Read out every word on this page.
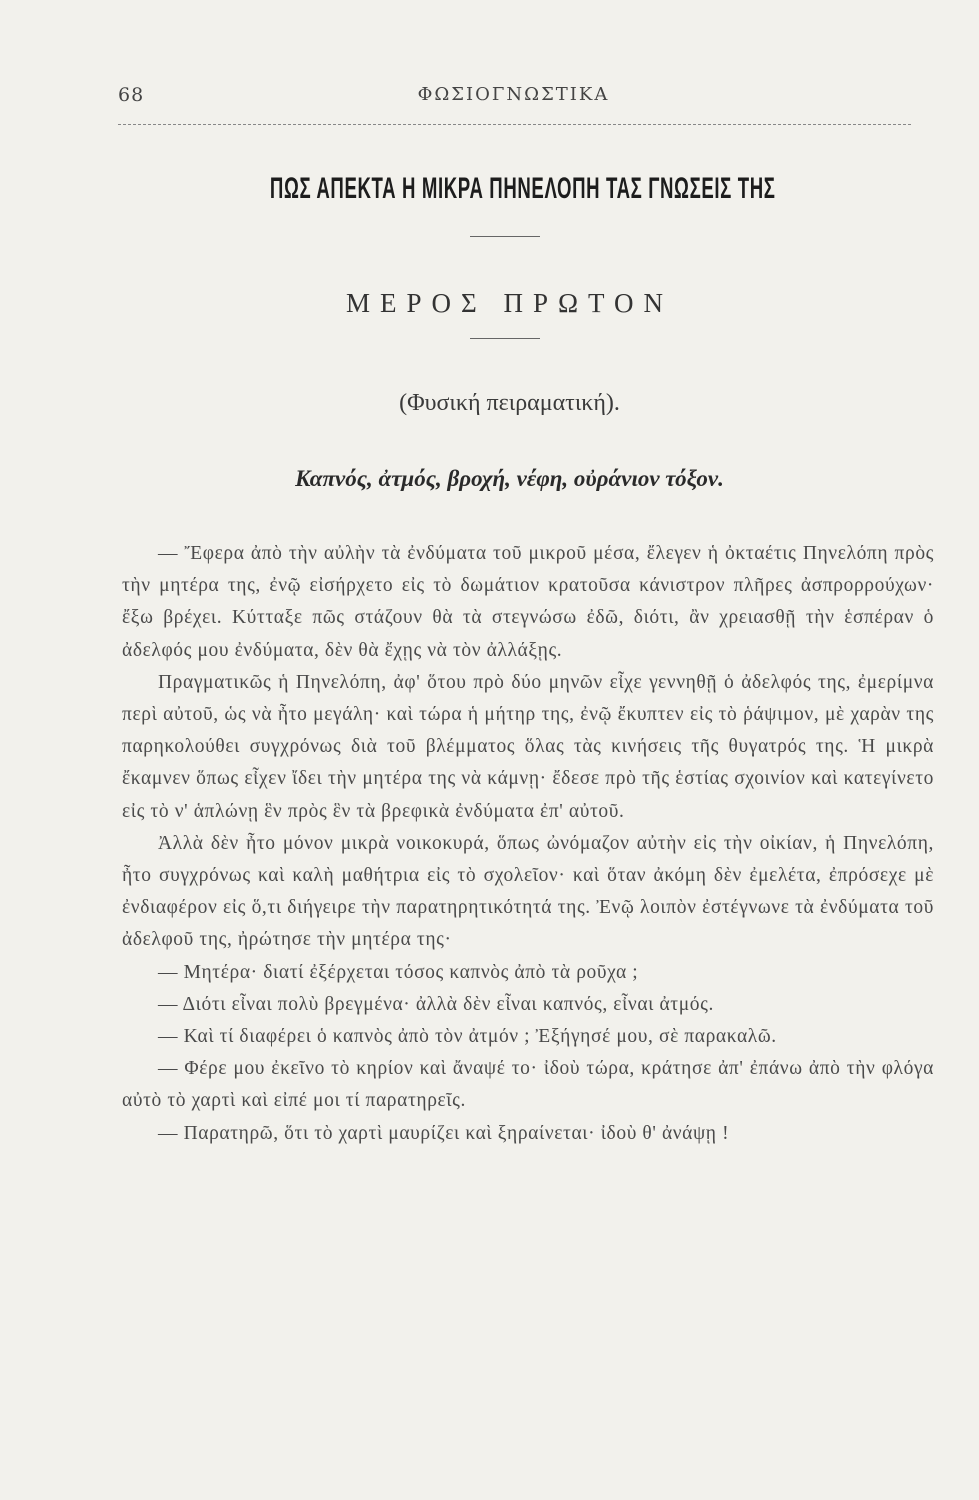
68	ΦΩΣΙΟΓΝΩΣΤΙΚΑ
ΠΩΣ ΑΠΕΚΤΑ Η ΜΙΚΡΑ ΠΗΝΕΛΟΠΗ ΤΑΣ ΓΝΩΣΕΙΣ ΤΗΣ
ΜΕΡΟΣ ΠΡΩΤΟΝ
(Φυσική πειραματική).
Καπνός, ἀτμός, βροχή, νέφη, οὐράνιον τόξον.

— Ἔφερα ἀπὸ τὴν αὐλὴν τὰ ἐνδύματα τοῦ μικροῦ μέσα, ἔλεγεν ἡ ὀκταέτις Πηνελόπη πρὸς τὴν μητέρα της, ἐνῷ εἰσήρχετο εἰς τὸ δωμάτιον κρατοῦσα κάνιστρον πλῆρες ἀσπρορρούχων· ἔξω βρέχει. Κύτταξε πῶς στάζουν θὰ τὰ στεγνώσω ἐδῶ, διότι, ἂν χρειασθῇ τὴν ἑσπέραν ὁ ἀδελφός μου ἐνδύματα, δὲν θὰ ἔχῃς νὰ τὸν ἀλλάξῃς.

Πραγματικῶς ἡ Πηνελόπη, ἀφ' ὅτου πρὸ δύο μηνῶν εἶχε γεννηθῇ ὁ ἀδελφός της, ἐμερίμνα περὶ αὐτοῦ, ὡς νὰ ἦτο μεγάλη· καὶ τώρα ἡ μήτηρ της, ἐνῷ ἔκυπτεν εἰς τὸ ῥάψιμον, μὲ χαρὰν της παρηκολούθει συγχρόνως διὰ τοῦ βλέμματος ὅλας τὰς κινήσεις τῆς θυγατρός της. Ἡ μικρὰ ἔκαμνεν ὅπως εἶχεν ἴδει τὴν μητέρα της νὰ κάμνῃ· ἔδεσε πρὸ τῆς ἑστίας σχοινίον καὶ κατεγίνετο εἰς τὸ ν' ἁπλώνῃ ἓν πρὸς ἓν τὰ βρεφικὰ ἐνδύματα ἐπ' αὐτοῦ.

Ἀλλὰ δὲν ἦτο μόνον μικρὰ νοικοκυρά, ὅπως ὠνόμαζον αὐτὴν εἰς τὴν οἰκίαν, ἡ Πηνελόπη, ἦτο συγχρόνως καὶ καλὴ μαθήτρια εἰς τὸ σχολεῖον· καὶ ὅταν ἀκόμη δὲν ἐμελέτα, ἐπρόσεχε μὲ ἐνδιαφέρον εἰς ὅ,τι διήγειρε τὴν παρατηρητικότητά της. Ἐνῷ λοιπὸν ἐστέγνωνε τὰ ἐνδύματα τοῦ ἀδελφοῦ της, ἠρώτησε τὴν μητέρα της·

— Μητέρα· διατί ἐξέρχεται τόσος καπνὸς ἀπὸ τὰ ροῦχα ;

— Διότι εἶναι πολὺ βρεγμένα· ἀλλὰ δὲν εἶναι καπνός, εἶναι ἀτμός.

— Καὶ τί διαφέρει ὁ καπνὸς ἀπὸ τὸν ἀτμόν ; Ἐξήγησέ μου, σὲ παρακαλῶ.

— Φέρε μου ἐκεῖνο τὸ κηρίον καὶ ἄναψέ το· ἰδοὺ τώρα, κράτησε ἀπ' ἐπάνω ἀπὸ τὴν φλόγα αὐτὸ τὸ χαρτὶ καὶ εἰπέ μοι τί παρατηρεῖς.

— Παρατηρῶ, ὅτι τὸ χαρτὶ μαυρίζει καὶ ξηραίνεται· ἰδοὺ θ' ἀνάψῃ !
